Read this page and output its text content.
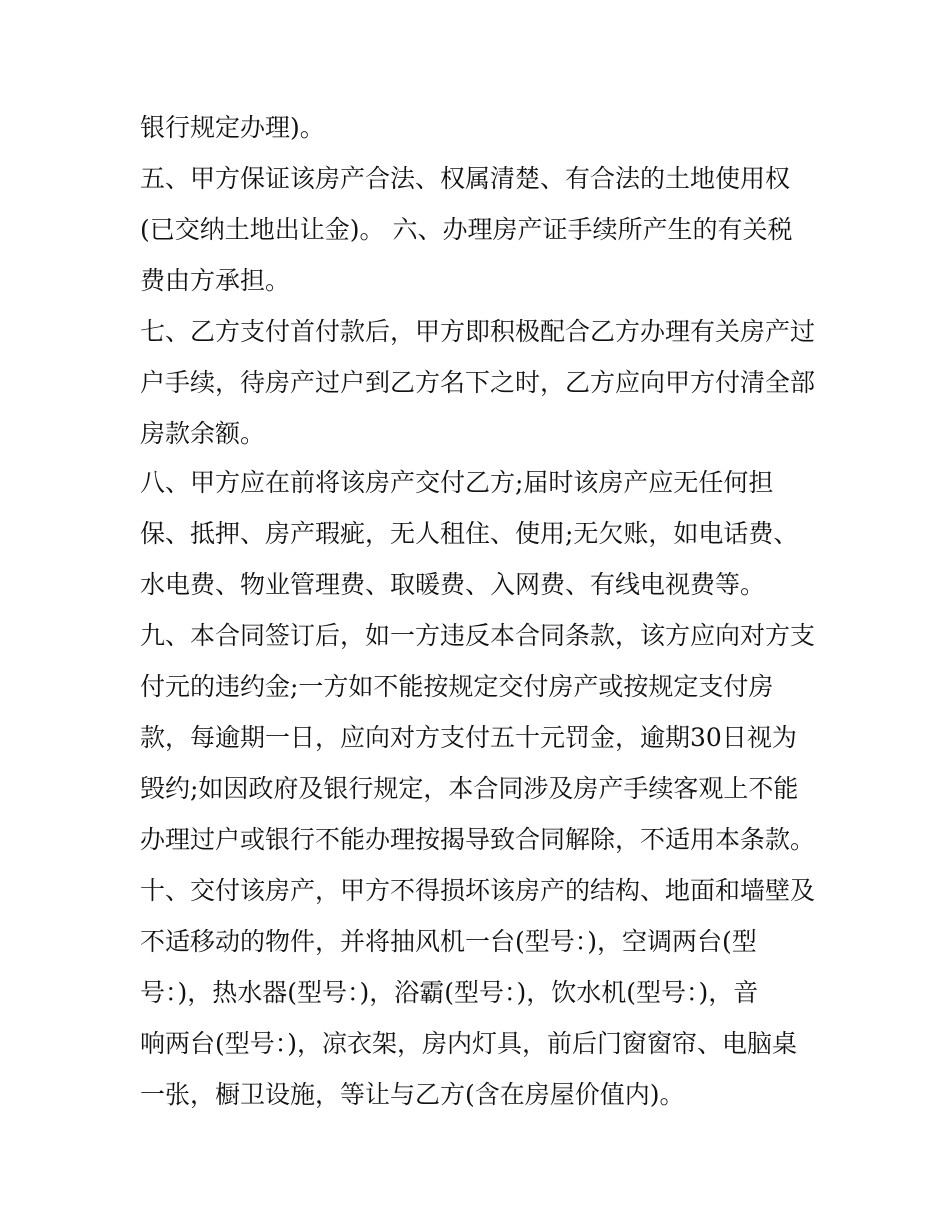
银行规定办理)。
五、甲方保证该房产合法、权属清楚、有合法的土地使用权
(已交纳土地出让金)。 六、办理房产证手续所产生的有关税
费由方承担。
七、乙方支付首付款后，甲方即积极配合乙方办理有关房产过
户手续，待房产过户到乙方名下之时，乙方应向甲方付清全部
房款余额。
八、甲方应在前将该房产交付乙方;届时该房产应无任何担
保、抵押、房产瑕疵，无人租住、使用;无欠账，如电话费、
水电费、物业管理费、取暖费、入网费、有线电视费等。
九、本合同签订后，如一方违反本合同条款，该方应向对方支
付元的违约金;一方如不能按规定交付房产或按规定支付房
款，每逾期一日，应向对方支付五十元罚金，逾期30日视为
毁约;如因政府及银行规定，本合同涉及房产手续客观上不能
办理过户或银行不能办理按揭导致合同解除，不适用本条款。
十、交付该房产，甲方不得损坏该房产的结构、地面和墙壁及
不适移动的物件，并将抽风机一台(型号：)，空调两台(型
号：)，热水器(型号：)，浴霸(型号：)，饮水机(型号：)，音
响两台(型号：)，凉衣架，房内灯具，前后门窗窗帘、电脑桌
一张，橱卫设施，等让与乙方(含在房屋价值内)。
